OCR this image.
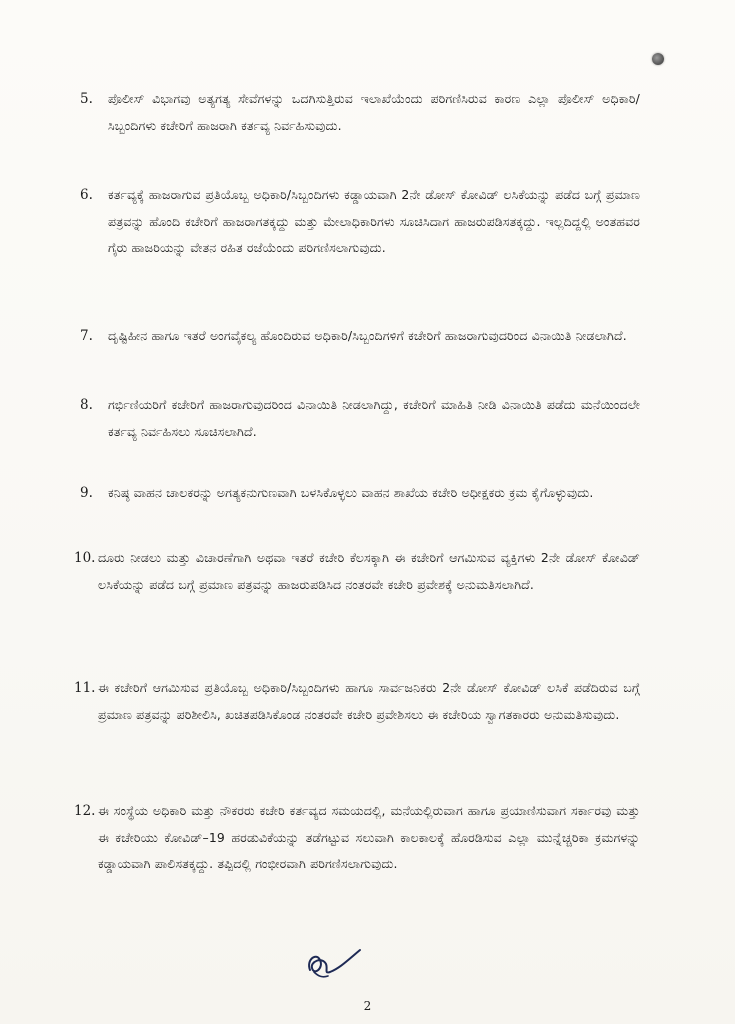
5. ಪೊಲೀಸ್ ವಿಭಾಗವು ಅತ್ಯಗತ್ಯ ಸೇವೆಗಳನ್ನು ಒದಗಿಸುತ್ತಿರುವ ಇಲಾಖೆಯೆಂದು ಪರಿಗಣಿಸಿರುವ ಕಾರಣ ಎಲ್ಲಾ ಪೊಲೀಸ್ ಅಧಿಕಾರಿ/ಸಿಬ್ಬಂದಿಗಳು ಕಚೇರಿಗೆ ಹಾಜರಾಗಿ ಕರ್ತವ್ಯ ನಿರ್ವಹಿಸುವುದು.
6. ಕರ್ತವ್ಯಕ್ಕೆ ಹಾಜರಾಗುವ ಪ್ರತಿಯೊಬ್ಬ ಅಧಿಕಾರಿ/ಸಿಬ್ಬಂದಿಗಳು ಕಡ್ಡಾಯವಾಗಿ 2ನೇ ಡೋಸ್ ಕೋವಿಡ್ ಲಸಿಕೆಯನ್ನು ಪಡೆದ ಬಗ್ಗೆ ಪ್ರಮಾಣ ಪತ್ರವನ್ನು ಹೊಂದಿ ಕಚೇರಿಗೆ ಹಾಜರಾಗತಕ್ಕದ್ದು ಮತ್ತು ಮೇಲಾಧಿಕಾರಿಗಳು ಸೂಚಿಸಿದಾಗ ಹಾಜರುಪಡಿಸತಕ್ಕದ್ದು. ಇಲ್ಲದಿದ್ದಲ್ಲಿ ಅಂತಹವರ ಗೈರು ಹಾಜರಿಯನ್ನು ವೇತನ ರಹಿತ ರಜೆಯೆಂದು ಪರಿಗಣಿಸಲಾಗುವುದು.
7. ದೃಷ್ಟಿಹೀನ ಹಾಗೂ ಇತರೆ ಅಂಗವೈಕಲ್ಯ ಹೊಂದಿರುವ ಅಧಿಕಾರಿ/ಸಿಬ್ಬಂದಿಗಳಿಗೆ ಕಚೇರಿಗೆ ಹಾಜರಾಗುವುದರಿಂದ ವಿನಾಯಿತಿ ನೀಡಲಾಗಿದೆ.
8. ಗರ್ಭಿಣಿಯರಿಗೆ ಕಚೇರಿಗೆ ಹಾಜರಾಗುವುದರಿಂದ ವಿನಾಯಿತಿ ನೀಡಲಾಗಿದ್ದು, ಕಚೇರಿಗೆ ಮಾಹಿತಿ ನೀಡಿ ವಿನಾಯಿತಿ ಪಡೆದು ಮನೆಯಿಂದಲೇ ಕರ್ತವ್ಯ ನಿರ್ವಹಿಸಲು ಸೂಚಿಸಲಾಗಿದೆ.
9. ಕನಿಷ್ಠ ವಾಹನ ಚಾಲಕರನ್ನು ಅಗತ್ಯಕನುಗುಣವಾಗಿ ಬಳಸಿಕೊಳ್ಳಲು ವಾಹನ ಶಾಖೆಯ ಕಚೇರಿ ಅಧೀಕ್ಷಕರು ಕ್ರಮ ಕೈಗೊಳ್ಳುವುದು.
10. ದೂರು ನೀಡಲು ಮತ್ತು ವಿಚಾರಣೆಗಾಗಿ ಅಥವಾ ಇತರೆ ಕಚೇರಿ ಕೆಲಸಕ್ಕಾಗಿ ಈ ಕಚೇರಿಗೆ ಆಗಮಿಸುವ ವ್ಯಕ್ತಿಗಳು 2ನೇ ಡೋಸ್ ಕೋವಿಡ್ ಲಸಿಕೆಯನ್ನು ಪಡೆದ ಬಗ್ಗೆ ಪ್ರಮಾಣ ಪತ್ರವನ್ನು ಹಾಜರುಪಡಿಸಿದ ನಂತರವೇ ಕಚೇರಿ ಪ್ರವೇಶಕ್ಕೆ ಅನುಮತಿಸಲಾಗಿದೆ.
11. ಈ ಕಚೇರಿಗೆ ಆಗಮಿಸುವ ಪ್ರತಿಯೊಬ್ಬ ಅಧಿಕಾರಿ/ಸಿಬ್ಬಂದಿಗಳು ಹಾಗೂ ಸಾರ್ವಜನಿಕರು 2ನೇ ಡೋಸ್ ಕೋವಿಡ್ ಲಸಿಕೆ ಪಡೆದಿರುವ ಬಗ್ಗೆ ಪ್ರಮಾಣ ಪತ್ರವನ್ನು ಪರಿಶೀಲಿಸಿ, ಖಚಿತಪಡಿಸಿಕೊಂಡ ನಂತರವೇ ಕಚೇರಿ ಪ್ರವೇಶಿಸಲು ಈ ಕಚೇರಿಯ ಸ್ವಾಗತಕಾರರು ಅನುಮತಿಸುವುದು.
12. ಈ ಸಂಸ್ಥೆಯ ಅಧಿಕಾರಿ ಮತ್ತು ನೌಕರರು ಕಚೇರಿ ಕರ್ತವ್ಯದ ಸಮಯದಲ್ಲಿ, ಮನೆಯಲ್ಲಿರುವಾಗ ಹಾಗೂ ಪ್ರಯಾಣಿಸುವಾಗ ಸರ್ಕಾರವು ಮತ್ತು ಈ ಕಚೇರಿಯು ಕೋವಿಡ್–19 ಹರಡುವಿಕೆಯನ್ನು ತಡೆಗಟ್ಟುವ ಸಲುವಾಗಿ ಕಾಲಕಾಲಕ್ಕೆ ಹೊರಡಿಸುವ ಎಲ್ಲಾ ಮುನ್ನೆಚ್ಚರಿಕಾ ಕ್ರಮಗಳನ್ನು ಕಡ್ಡಾಯವಾಗಿ ಪಾಲಿಸತಕ್ಕದ್ದು. ತಪ್ಪಿದಲ್ಲಿ ಗಂಭೀರವಾಗಿ ಪರಿಗಣಿಸಲಾಗುವುದು.
2
